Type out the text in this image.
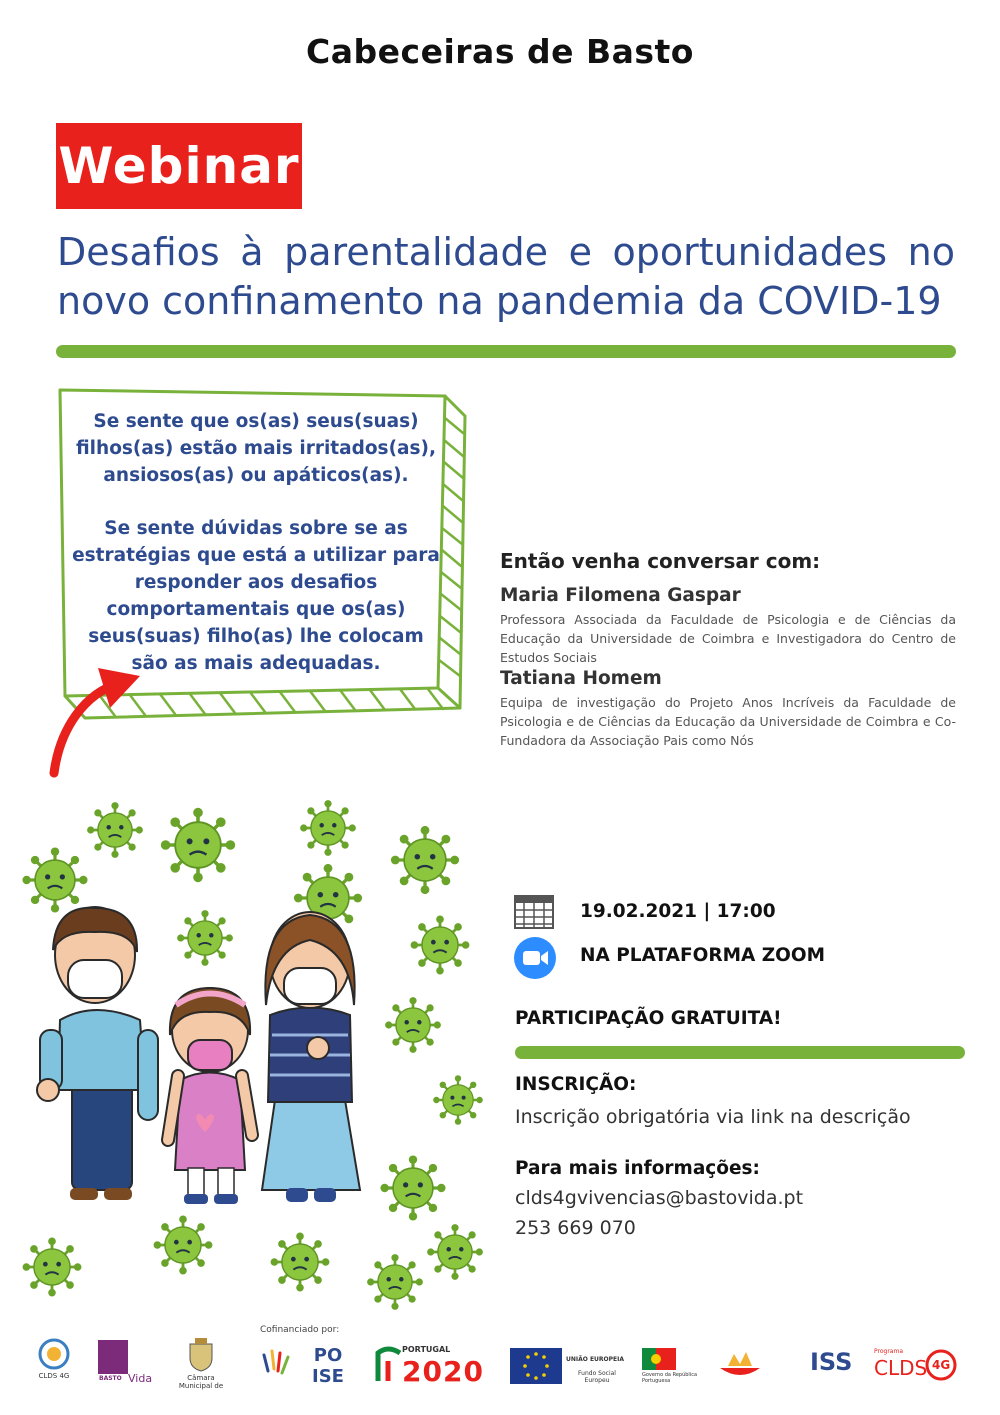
Cabeceiras de Basto
Webinar
Desafios à parentalidade e oportunidades no novo confinamento na pandemia da COVID-19

Se sente que os(as) seus(suas) filhos(as) estão mais irritados(as), ansiosos(as) ou apáticos(as).

Se sente dúvidas sobre se as estratégias que está a utilizar para responder aos desafios comportamentais que os(as) seus(suas) filho(as) lhe colocam são as mais adequadas.

Então venha conversar com:
Maria Filomena Gaspar
Professora Associada da Faculdade de Psicologia e de Ciências da Educação da Universidade de Coimbra e Investigadora do Centro de Estudos Sociais
Tatiana Homem
Equipa de investigação do Projeto Anos Incríveis da Faculdade de Psicologia e de Ciências da Educação da Universidade de Coimbra e Co- Fundadora da Associação Pais como Nós
19.02.2021 | 17:00
NA PLATAFORMA ZOOM
PARTICIPAÇÃO GRATUITA!
INSCRIÇÃO:
Inscrição obrigatória via link na descrição
Para mais informações:
clds4gvivencias@bastovida.pt
253 669 070
Cofinanciado por:
CLDS 4G	BASTO Vida	Câmara Municipal de
PO ISE
PORTUGAL
2020	UNIÃO EUROPEIA
Fundo Social Europeu
Governo da República
Portuguesa
ISS	Programa
CLDS 4G
